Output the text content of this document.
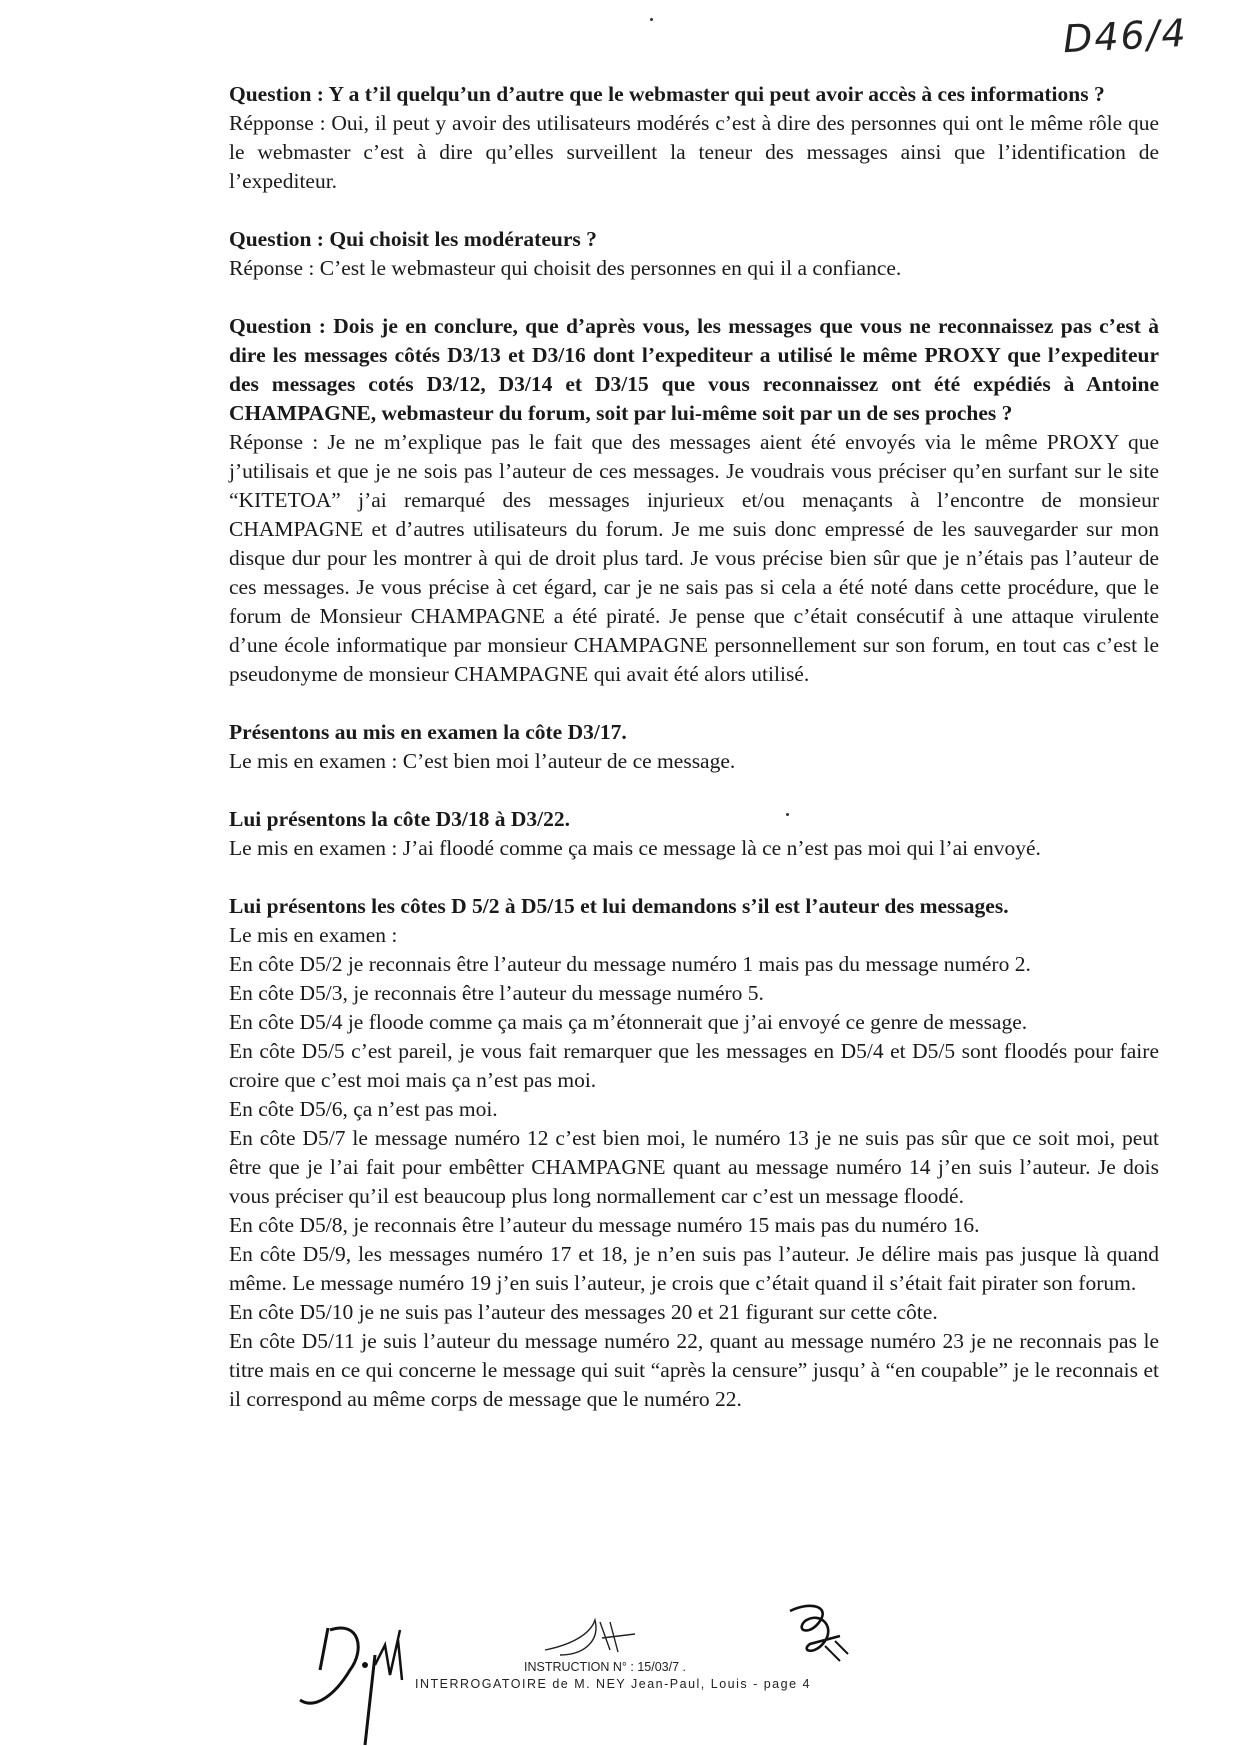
D46/4

Question : Y a t’il quelqu’un d’autre que le webmaster qui peut avoir accès à ces informations ?

Répponse : Oui, il peut y avoir des utilisateurs modérés c’est à dire des personnes qui ont le même rôle que le webmaster c’est à dire qu’elles surveillent la teneur des messages ainsi que l’identification de l’expediteur.

Question : Qui choisit les modérateurs ?

Réponse : C’est le webmasteur qui choisit des personnes en qui il a confiance.

Question : Dois je en conclure, que d’après vous, les messages que vous ne reconnaissez pas c’est à dire les messages côtés D3/13 et D3/16 dont l’expediteur a utilisé le même PROXY que l’expediteur des messages cotés D3/12, D3/14 et D3/15 que vous reconnaissez ont été expédiés à Antoine CHAMPAGNE, webmasteur du forum, soit par lui-même soit par un de ses proches ?

Réponse : Je ne m’explique pas le fait que des messages aient été envoyés via le même PROXY que j’utilisais et que je ne sois pas l’auteur de ces messages. Je voudrais vous préciser qu’en surfant sur le site “KITETOA” j’ai remarqué des messages injurieux et/ou menaçants à l’encontre de monsieur CHAMPAGNE et d’autres utilisateurs du forum. Je me suis donc empressé de les sauvegarder sur mon disque dur pour les montrer à qui de droit plus tard. Je vous précise bien sûr que je n’étais pas l’auteur de ces messages. Je vous précise à cet égard, car je ne sais pas si cela a été noté dans cette procédure, que le forum de Monsieur CHAMPAGNE a été piraté. Je pense que c’était consécutif à une attaque virulente d’une école informatique par monsieur CHAMPAGNE personnellement sur son forum, en tout cas c’est le pseudonyme de monsieur CHAMPAGNE qui avait été alors utilisé.

Présentons au mis en examen la côte D3/17.

Le mis en examen : C’est bien moi l’auteur de ce message.

Lui présentons la côte D3/18 à D3/22.

Le mis en examen : J’ai floodé comme ça mais ce message là ce n’est pas moi qui l’ai envoyé.

Lui présentons les côtes D 5/2 à D5/15 et lui demandons s’il est l’auteur des messages.

Le mis en examen :

En côte D5/2 je reconnais être l’auteur du message numéro 1 mais pas du message numéro 2.

En côte D5/3, je reconnais être l’auteur du message numéro 5.

En côte D5/4 je floode comme ça mais ça m’étonnerait que j’ai envoyé ce genre de message.

En côte D5/5 c’est pareil, je vous fait remarquer que les messages en D5/4 et D5/5 sont floodés pour faire croire que c’est moi mais ça n’est pas moi.

En côte D5/6, ça n’est pas moi.

En côte D5/7 le message numéro 12 c’est bien moi, le numéro 13 je ne suis pas sûr que ce soit moi, peut être que je l’ai fait pour embêtter CHAMPAGNE quant au message numéro 14 j’en suis l’auteur. Je dois vous préciser qu’il est beaucoup plus long normallement car c’est un message floodé.

En côte D5/8, je reconnais être l’auteur du message numéro 15 mais pas du numéro 16.

En côte D5/9, les messages numéro 17 et 18, je n’en suis pas l’auteur. Je délire mais pas jusque là quand même. Le message numéro 19 j’en suis l’auteur, je crois que c’était quand il s’était fait pirater son forum.

En côte D5/10 je ne suis pas l’auteur des messages 20 et 21 figurant sur cette côte.

En côte D5/11 je suis l’auteur du message numéro 22, quant au message numéro 23 je ne reconnais pas le titre mais en ce qui concerne le message qui suit “après la censure” jusqu’ à “en coupable” je le reconnais et il correspond au même corps de message que le numéro 22.

INSTRUCTION N° : 15/03/7 .
INTERROGATOIRE de M. NEY Jean-Paul, Louis - page 4
